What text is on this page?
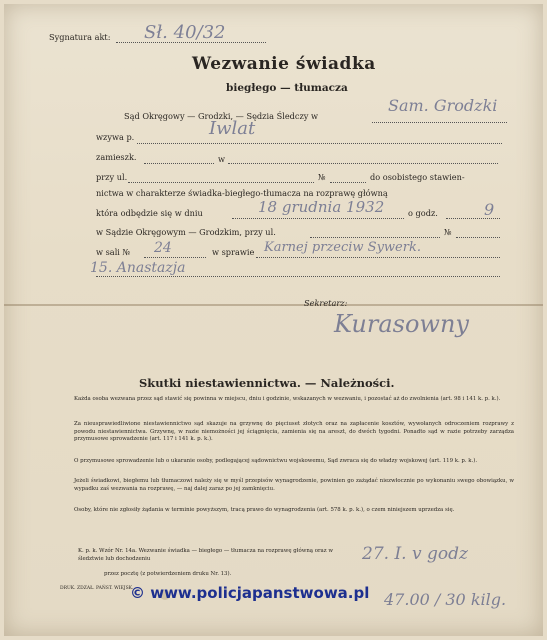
Sygnatura akt: Sł. 40/32
Wezwanie świadka
biegłego — tłumacza
Sąd Okręgowy — Grodzki, — Sędzia Śledczy w
Sam. Grodzki
wzywa p.	Iwlat
zamieszk.	w
przy ul.	№	do osobistego stawien-
nictwa w charakterze świadka-biegłego-tłumacza na rozprawę główną
która odbędzie się w dniu	18 grudnia 1932	o godz.	9
w Sądzie Okręgowym — Grodzkim, przy ul.	№
w sali № 24	w sprawie Karnej przeciw Sywerk.
15. Anastazja
Sekretarz:
Kurasowny
Skutki niestawiennictwa. — Należności.
Każda osoba wezwana przez sąd stawić się powinna w miejscu, dniu i godzinie, wskazanych w wezwaniu, i pozostać aż do zwolnienia (art. 98 i 141 k. p. k.).
Za nieusprawiedliwione niestawiennictwo sąd skazuje na grzywnę do pięciuset złotych oraz na zapłacenie kosztów, wywołanych odroczeniem rozprawy z powodu niestawiennictwa. Grzywnę, w razie niemożności jej ściągnięcia, zamienia się na areszt, do dwóch tygodni. Ponadto sąd w razie potrzeby zarządza przymusowe sprowadzenie (art. 117 i 141 k. p. k.).
O przymusowe sprowadzenie lub o ukaranie osoby, podlegającej sądownictwu wojskowemu, Sąd zwraca się do władzy wojskowej (art. 119 k. p. k.).
Jeżeli świadkowi, biegłemu lub tłumaczowi należy się w myśl przepisów wynagrodzenie, powinien go zażądać niezwłocznie po wykonaniu swego obowiązku, w wypadku zaś wezwania na rozprawę, — naj dalej zaraz po jej zamknięciu.
Osoby, które nie zgłosiły żądania w terminie powyższym, tracą prawo do wynagrodzenia (art. 578 k. p. k.), o czem niniejszem uprzedza się.
K. p. k. Wzór Nr. 14a. Wezwanie świadka — biegłego — tłumacza na rozprawę główną oraz w śledztwie lub dochodzeniu
przez pocztę (z potwierdzeniem druku Nr. 13).
DRUK. ZDZAŁ. PAŃST. WIEJSK.
27. I. v godz
47.00 / 30 kilg.
© www.policjapanstwowa.pl
